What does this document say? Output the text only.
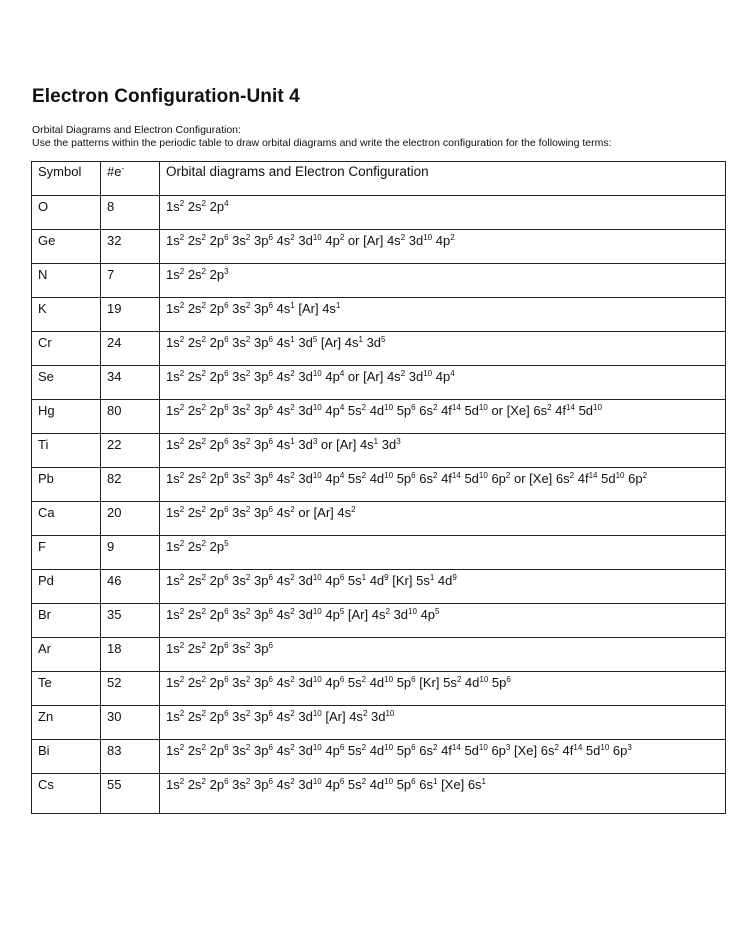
Electron Configuration-Unit 4

Orbital Diagrams and Electron Configuration:

Use the patterns within the periodic table to draw orbital diagrams and write the electron configuration for the following terms:

Symbol	#e-	Orbital diagrams and Electron Configuration
O	8	$1s^2$ $2s^2$ $2p^4$
Ge	32	$1s^2$ $2s^2$ $2p^6$ $3s^2$ $3p^6$ $4s^2$ $3d^{10}$ $4p^2$ or [Ar] $4s^2$ $3d^{10}$ $4p^2$
N	7	$1s^2$ $2s^2$ $2p^3$
K	19	$1s^2$ $2s^2$ $2p^6$ $3s^2$ $3p^6$ $4s^1$ [Ar] $4s^1$
Cr	24	$1s^2$ $2s^2$ $2p^6$ $3s^2$ $3p^6$ $4s^1$ $3d^5$ [Ar] $4s^1$ $3d^5$
Se	34	$1s^2$ $2s^2$ $2p^6$ $3s^2$ $3p^6$ $4s^2$ $3d^{10}$ $4p^4$ or [Ar] $4s^2$ $3d^{10}$ $4p^4$
Hg	80	$1s^2$ $2s^2$ $2p^6$ $3s^2$ $3p^6$ $4s^2$ $3d^{10}$ $4p^4$ $5s^2$ $4d^{10}$ $5p^6$ $6s^2$ $4f^{14}$ $5d^{10}$ or [Xe] $6s^2$ $4f^{14}$ $5d^{10}$
Ti	22	$1s^2$ $2s^2$ $2p^6$ $3s^2$ $3p^6$ $4s^1$ $3d^3$ or [Ar] $4s^1$ $3d^3$
Pb	82	$1s^2$ $2s^2$ $2p^6$ $3s^2$ $3p^6$ $4s^2$ $3d^{10}$ $4p^4$ $5s^2$ $4d^{10}$ $5p^6$ $6s^2$ $4f^{14}$ $5d^{10}$ $6p^2$ or [Xe] $6s^2$ $4f^{14}$ $5d^{10}$ $6p^2$
Ca	20	$1s^2$ $2s^2$ $2p^6$ $3s^2$ $3p^6$ $4s^2$ or [Ar] $4s^2$
F	9	$1s^2$ $2s^2$ $2p^5$
Pd	46	$1s^2$ $2s^2$ $2p^6$ $3s^2$ $3p^6$ $4s^2$ $3d^{10}$ $4p^6$ $5s^1$ $4d^9$ [Kr] $5s^1$ $4d^9$
Br	35	$1s^2$ $2s^2$ $2p^6$ $3s^2$ $3p^6$ $4s^2$ $3d^{10}$ $4p^5$ [Ar] $4s^2$ $3d^{10}$ $4p^5$
Ar	18	$1s^2$ $2s^2$ $2p^6$ $3s^2$ $3p^6$
Te	52	$1s^2$ $2s^2$ $2p^6$ $3s^2$ $3p^6$ $4s^2$ $3d^{10}$ $4p^6$ $5s^2$ $4d^{10}$ $5p^6$ [Kr] $5s^2$ $4d^{10}$ $5p^6$
Zn	30	$1s^2$ $2s^2$ $2p^6$ $3s^2$ $3p^6$ $4s^2$ $3d^{10}$ [Ar] $4s^2$ $3d^{10}$
Bi	83	$1s^2$ $2s^2$ $2p^6$ $3s^2$ $3p^6$ $4s^2$ $3d^{10}$ $4p^6$ $5s^2$ $4d^{10}$ $5p^6$ $6s^2$ $4f^{14}$ $5d^{10}$ $6p^3$ [Xe] $6s^2$ $4f^{14}$ $5d^{10}$ $6p^3$
Cs	55	$1s^2$ $2s^2$ $2p^6$ $3s^2$ $3p^6$ $4s^2$ $3d^{10}$ $4p^6$ $5s^2$ $4d^{10}$ $5p^6$ $6s^1$ [Xe] $6s^1$
